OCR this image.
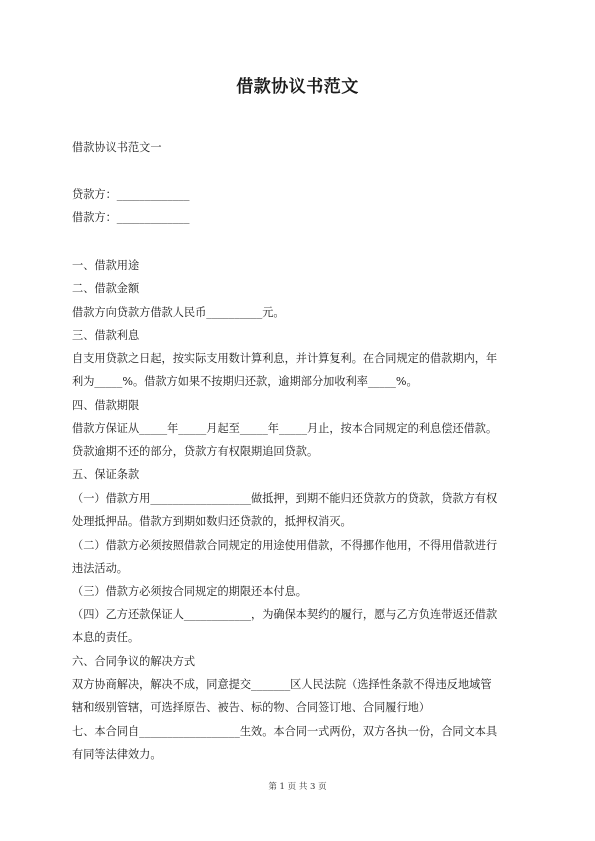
借款协议书范文
借款协议书范文一
贷款方：_____________
借款方：_____________
一、借款用途
二、借款金额
借款方向贷款方借款人民币__________元。
三、借款利息
自支用贷款之日起，按实际支用数计算利息，并计算复利。在合同规定的借款期内，年
利为_____%。借款方如果不按期归还款，逾期部分加收利率_____%。
四、借款期限
借款方保证从_____年_____月起至_____年_____月止，按本合同规定的利息偿还借款。
贷款逾期不还的部分，贷款方有权限期追回贷款。
五、保证条款
（一）借款方用__________________做抵押，到期不能归还贷款方的贷款，贷款方有权
处理抵押品。借款方到期如数归还贷款的，抵押权消灭。
（二）借款方必须按照借款合同规定的用途使用借款，不得挪作他用，不得用借款进行
违法活动。
（三）借款方必须按合同规定的期限还本付息。
（四）乙方还款保证人____________，为确保本契约的履行，愿与乙方负连带返还借款
本息的责任。
六、合同争议的解决方式
双方协商解决，解决不成，同意提交_______区人民法院（选择性条款不得违反地域管
辖和级别管辖，可选择原告、被告、标的物、合同签订地、合同履行地）
七、本合同自__________________生效。本合同一式两份，双方各执一份，合同文本具
有同等法律效力。
第 1 页 共 3 页
